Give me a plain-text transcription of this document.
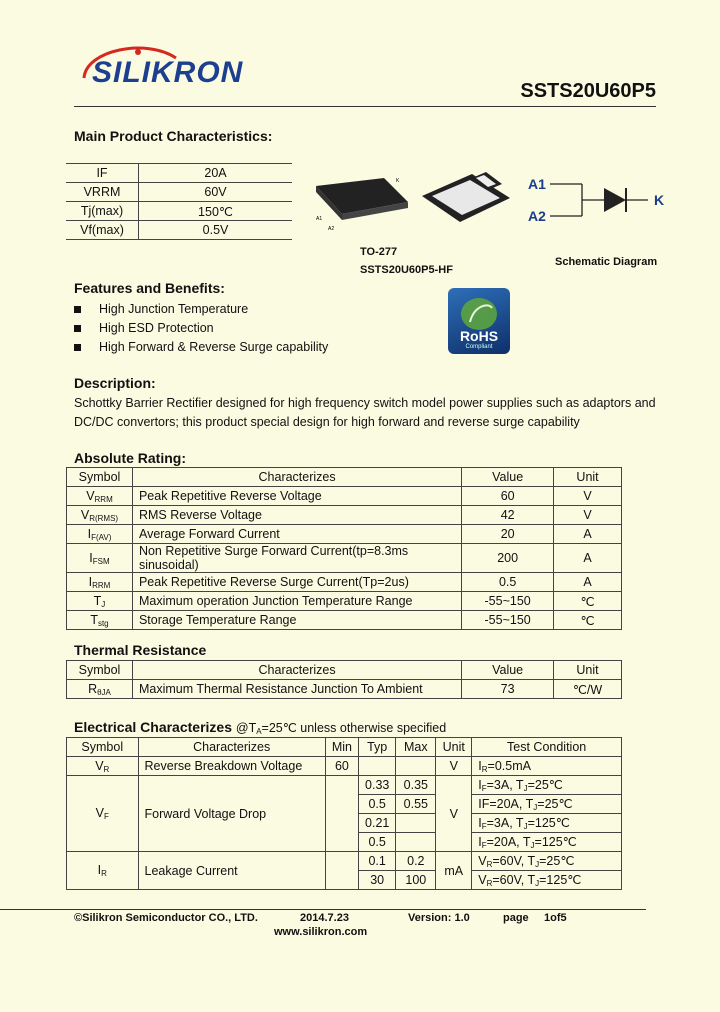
SILIKRON
SSTS20U60P5
Main Product Characteristics:
IF	20A
VRRM	60V
Tj(max)	150℃
Vf(max)	0.5V
K
A1
A2
TO-277
SSTS20U60P5-HF
A1
A2
K
Schematic Diagram
Features and Benefits:
High Junction Temperature
High ESD Protection
High Forward & Reverse Surge capability
RoHS
Compliant
Description:
Schottky Barrier Rectifier designed for high frequency switch model power supplies such as adaptors and DC/DC convertors; this product special design for high forward and reverse surge capability
Absolute Rating:
Symbol	Characterizes	Value	Unit
$V_{RRM}$	Peak Repetitive Reverse Voltage	60	V
$V_{R(RMS)}$	RMS Reverse Voltage	42	V
$I_{F(AV)}$	Average Forward Current	20	A
$I_{FSM}$	Non Repetitive Surge Forward Current(tp=8.3ms sinusoidal)	200	A
$I_{RRM}$	Peak Repetitive Reverse Surge Current(Tp=2us)	0.5	A
$T_J$	Maximum operation Junction Temperature Range	-55~150	℃
$T_{stg}$	Storage Temperature Range	-55~150	℃
Thermal Resistance
Symbol	Characterizes	Value	Unit
$R_{\theta JA}$	Maximum Thermal Resistance Junction To Ambient	73	℃/W
Electrical Characterizes $@T_A=25℃$ unless otherwise specified
Symbol	Characterizes	Min	Typ	Max	Unit	Test Condition
$V_R$	Reverse Breakdown Voltage	60			V	$I_R=0.5mA$
$V_F$	Forward Voltage Drop		0.33	0.35	V	$I_F=3A$, $T_J=25℃$
			0.5	0.55		IF=20A, $T_J=25℃$
			0.21			$I_F=3A$, $T_J=125℃$
			0.5			$I_F=20A$, $T_J=125℃$
$I_R$	Leakage Current		0.1	0.2	mA	$V_R=60V$, $T_J=25℃$
			30	100		$V_R=60V$, $T_J=125℃$
©Silikron Semiconductor CO., LTD.	2014.7.23	Version: 1.0	page 1of5
www.silikron.com
